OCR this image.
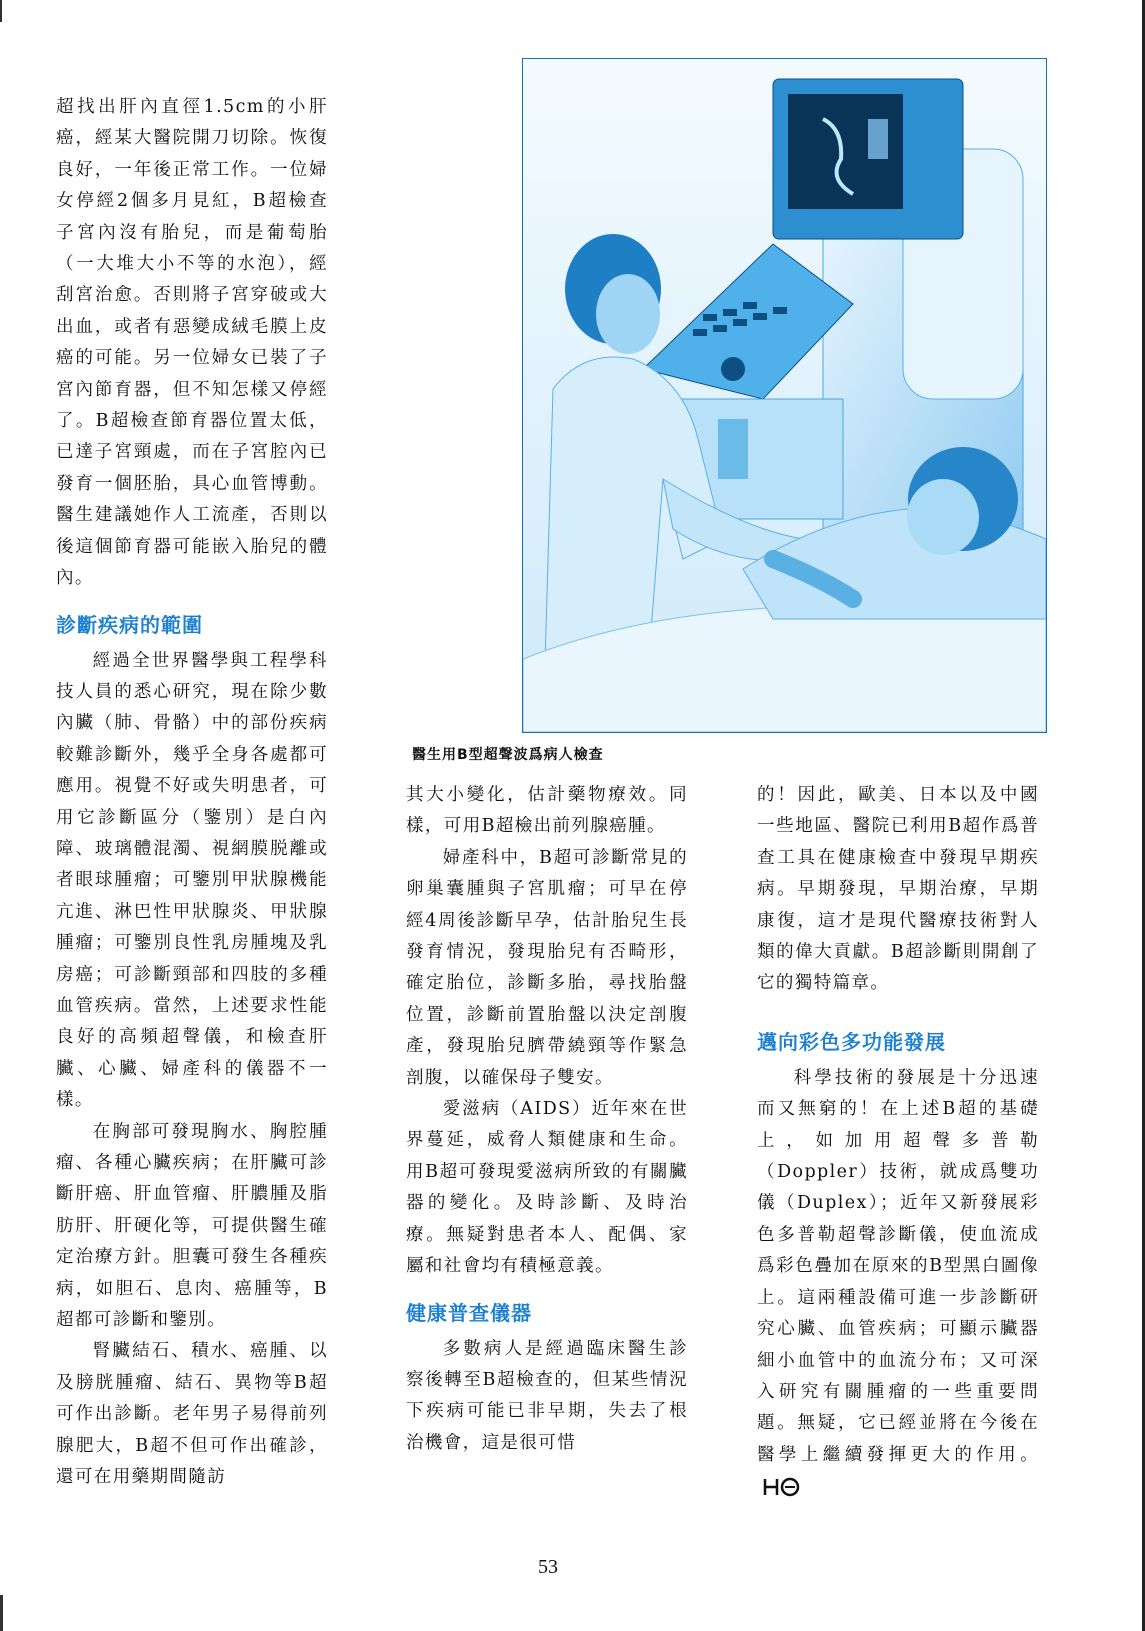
超找出肝內直徑1.5cm的小肝癌，經某大醫院開刀切除。恢復良好，一年後正常工作。一位婦女停經2個多月見紅，B超檢查子宮內沒有胎兒，而是葡萄胎（一大堆大小不等的水泡），經刮宮治愈。否則將子宮穿破或大出血，或者有惡變成絨毛膜上皮癌的可能。另一位婦女已裝了子宮內節育器，但不知怎樣又停經了。B超檢查節育器位置太低，已達子宮頸處，而在子宮腔內已發育一個胚胎，具心血管博動。醫生建議她作人工流產，否則以後這個節育器可能嵌入胎兒的體內。

診斷疾病的範圍

經過全世界醫學與工程學科技人員的悉心研究，現在除少數內臟（肺、骨骼）中的部份疾病較難診斷外，幾乎全身各處都可應用。視覺不好或失明患者，可用它診斷區分（鑒別）是白內障、玻璃體混濁、視網膜脱離或者眼球腫瘤；可鑒別甲狀腺機能亢進、淋巴性甲狀腺炎、甲狀腺腫瘤；可鑒別良性乳房腫塊及乳房癌；可診斷頸部和四肢的多種血管疾病。當然，上述要求性能良好的高頻超聲儀，和檢查肝臟、心臟、婦產科的儀器不一樣。

在胸部可發現胸水、胸腔腫瘤、各種心臟疾病；在肝臟可診斷肝癌、肝血管瘤、肝膿腫及脂肪肝、肝硬化等，可提供醫生確定治療方針。胆囊可發生各種疾病，如胆石、息肉、癌腫等，B超都可診斷和鑒別。

腎臟結石、積水、癌腫、以及膀胱腫瘤、結石、異物等B超可作出診斷。老年男子易得前列腺肥大，B超不但可作出確診，還可在用藥期間隨訪

醫生用B型超聲波爲病人檢查

其大小變化，估計藥物療效。同樣，可用B超檢出前列腺癌腫。

婦產科中，B超可診斷常見的卵巢囊腫與子宮肌瘤；可早在停經4周後診斷早孕，估計胎兒生長發育情況，發現胎兒有否畸形，確定胎位，診斷多胎，尋找胎盤位置，診斷前置胎盤以決定剖腹產，發現胎兒臍帶繞頸等作緊急剖腹，以確保母子雙安。

愛滋病（AIDS）近年來在世界蔓延，威脅人類健康和生命。用B超可發現愛滋病所致的有關臟器的變化。及時診斷、及時治療。無疑對患者本人、配偶、家屬和社會均有積極意義。

健康普查儀器

多數病人是經過臨床醫生診察後轉至B超檢查的，但某些情況下疾病可能已非早期，失去了根治機會，這是很可惜

的！因此，歐美、日本以及中國一些地區、醫院已利用B超作爲普查工具在健康檢查中發現早期疾病。早期發現，早期治療，早期康復，這才是現代醫療技術對人類的偉大貢獻。B超診斷則開創了它的獨特篇章。

邁向彩色多功能發展

科學技術的發展是十分迅速而又無窮的！在上述B超的基礎上，如加用超聲多普勒（Doppler）技術，就成爲雙功儀（Duplex）；近年又新發展彩色多普勒超聲診斷儀，使血流成爲彩色疊加在原來的B型黑白圖像上。這兩種設備可進一步診斷研究心臟、血管疾病；可顯示臟器細小血管中的血流分布；又可深入研究有關腫瘤的一些重要問題。無疑，它已經並將在今後在醫學上繼續發揮更大的作用。

53
